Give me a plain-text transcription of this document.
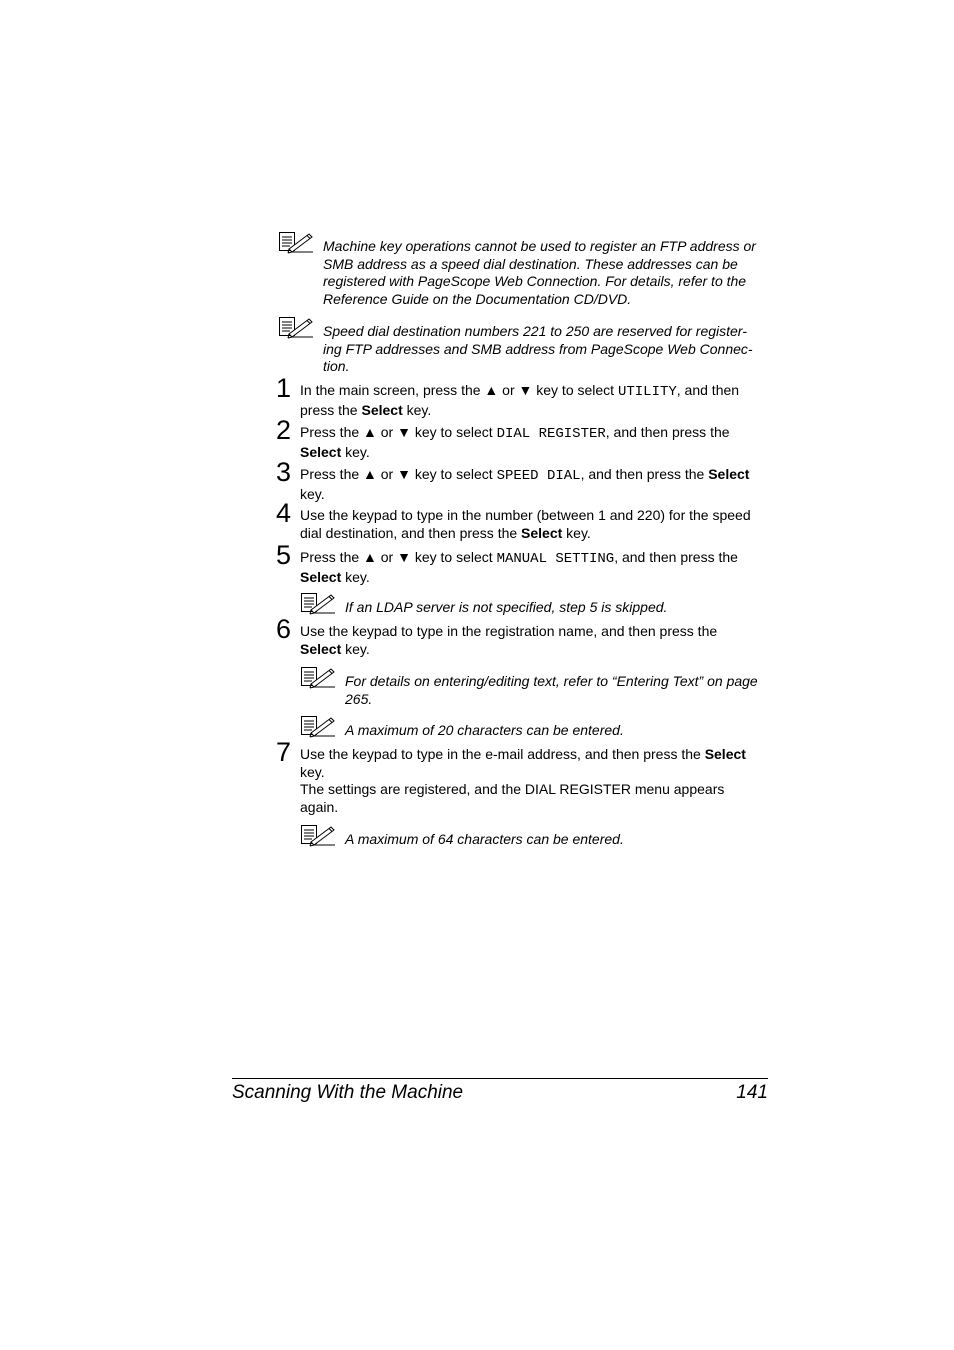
Machine key operations cannot be used to register an FTP address or
SMB address as a speed dial destination. These addresses can be
registered with PageScope Web Connection. For details, refer to the
Reference Guide on the Documentation CD/DVD.
Speed dial destination numbers 221 to 250 are reserved for register-
ing FTP addresses and SMB address from PageScope Web Connec-
tion.
1 In the main screen, press the ▲ or ▼ key to select UTILITY, and then
press the Select key.
2 Press the ▲ or ▼ key to select DIAL REGISTER, and then press the
Select key.
3 Press the ▲ or ▼ key to select SPEED DIAL, and then press the Select
key.
4 Use the keypad to type in the number (between 1 and 220) for the speed
dial destination, and then press the Select key.
5 Press the ▲ or ▼ key to select MANUAL SETTING, and then press the
Select key.
If an LDAP server is not specified, step 5 is skipped.
6 Use the keypad to type in the registration name, and then press the
Select key.
For details on entering/editing text, refer to “Entering Text” on page
265.
A maximum of 20 characters can be entered.
7 Use the keypad to type in the e-mail address, and then press the Select
key.
The settings are registered, and the DIAL REGISTER menu appears
again.
A maximum of 64 characters can be entered.
Scanning With the Machine	141
